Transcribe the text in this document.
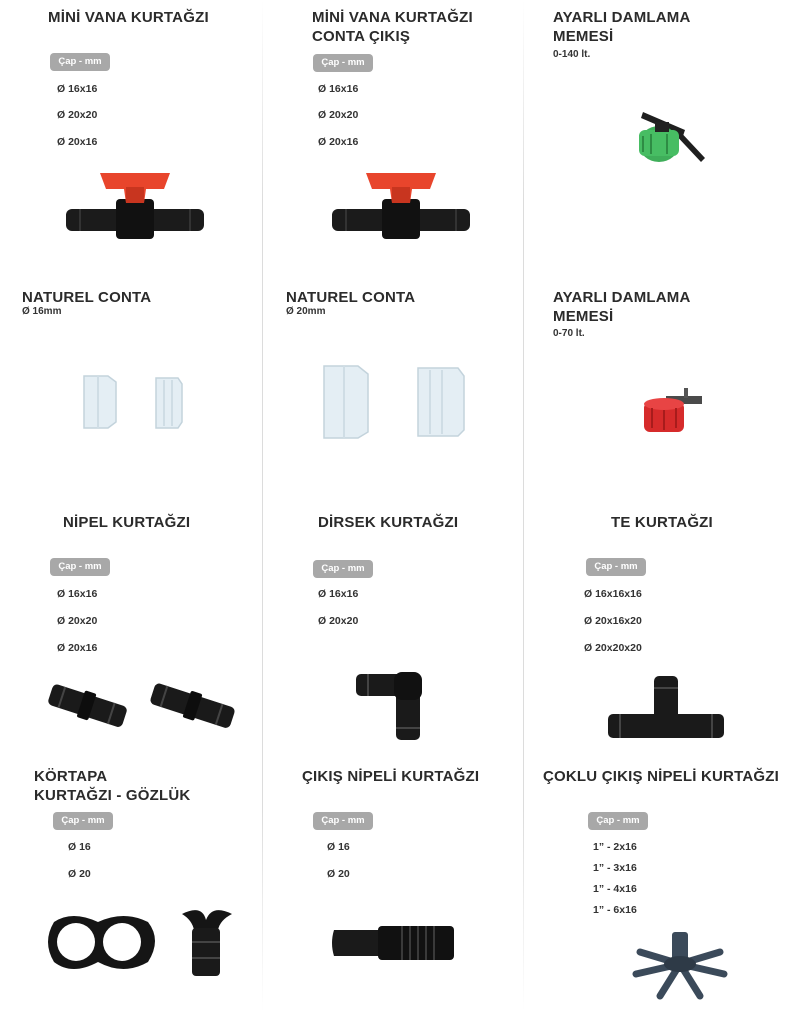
MİNİ VANA KURTAĞZI
Çap - mm
Ø 16x16
Ø 20x20
Ø 20x16
MİNİ VANA KURTAĞZI
CONTA ÇIKIŞ
Çap - mm
Ø 16x16
Ø 20x20
Ø 20x16
AYARLI DAMLAMA
MEMESİ
0-140 lt.
NATUREL CONTA
Ø 16mm
NATUREL CONTA
Ø 20mm
AYARLI DAMLAMA
MEMESİ
0-70 lt.
NİPEL KURTAĞZI
Çap - mm
Ø 16x16
Ø 20x20
Ø 20x16
DİRSEK KURTAĞZI
Çap - mm
Ø 16x16
Ø 20x20
TE KURTAĞZI
Çap - mm
Ø 16x16x16
Ø 20x16x20
Ø 20x20x20
KÖRTAPA
KURTAĞZI - GÖZLÜK
Çap - mm
Ø 16
Ø 20
ÇIKIŞ NİPELİ KURTAĞZI
Çap - mm
Ø 16
Ø 20
ÇOKLU ÇIKIŞ NİPELİ KURTAĞZI
Çap - mm
1” - 2x16
1” - 3x16
1” - 4x16
1” - 6x16
